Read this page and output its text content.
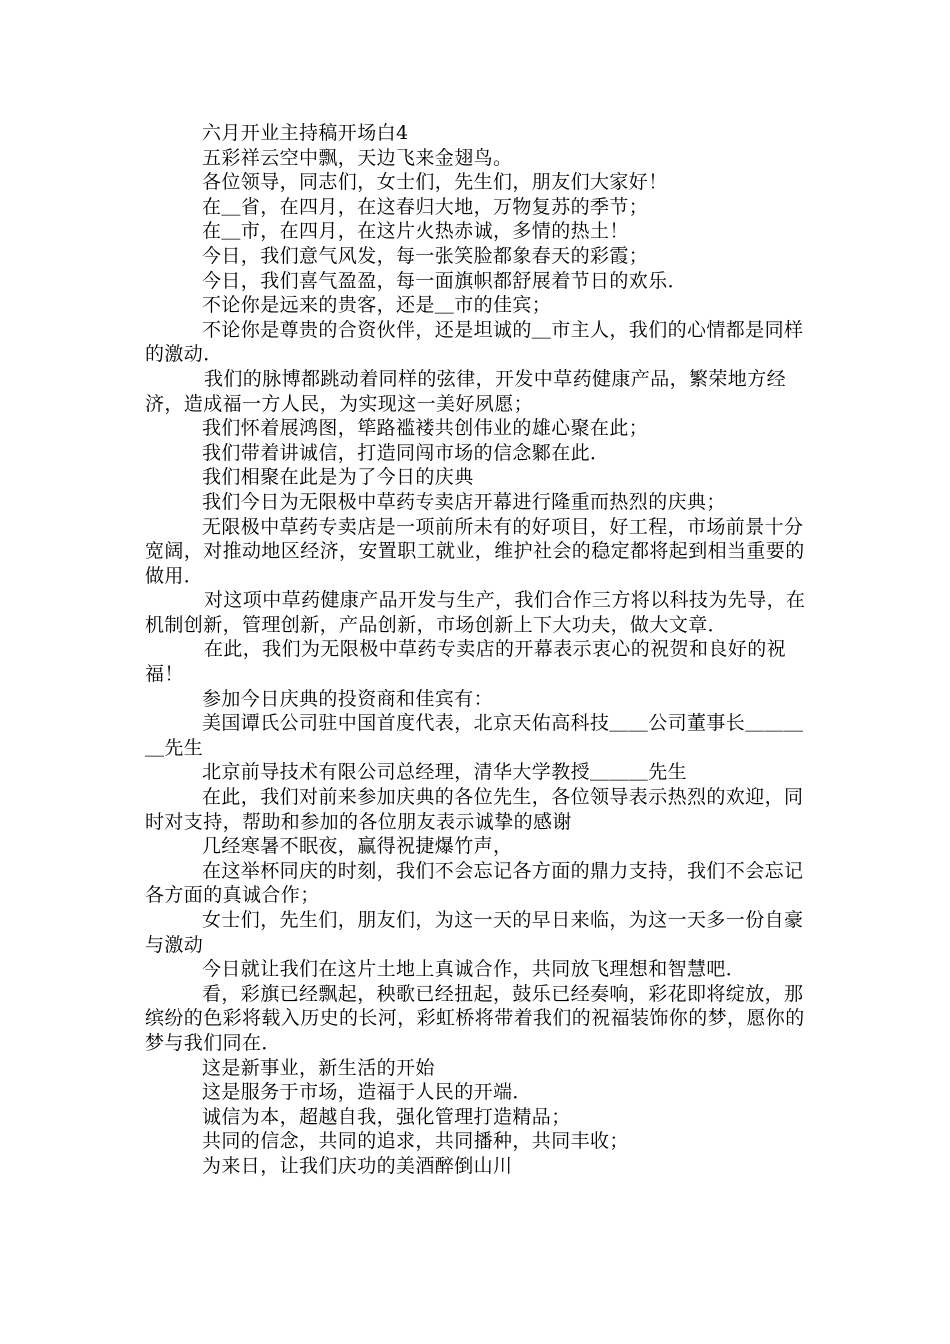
六月开业主持稿开场白4

五彩祥云空中飘，天边飞来金翅鸟。

各位领导，同志们，女士们，先生们，朋友们大家好！

在＿省，在四月，在这春归大地，万物复苏的季节；

在＿市，在四月，在这片火热赤诚，多情的热土！

今日，我们意气风发，每一张笑脸都象春天的彩霞；

今日，我们喜气盈盈，每一面旗帜都舒展着节日的欢乐．

不论你是远来的贵客，还是＿市的佳宾；

不论你是尊贵的合资伙伴，还是坦诚的＿市主人，我们的心情都是同样的激动．

我们的脉博都跳动着同样的弦律，开发中草药健康产品，繁荣地方经济，造成福一方人民，为实现这一美好夙愿；

我们怀着展鸿图，筚路褴褛共创伟业的雄心聚在此；

我们带着讲诚信，打造同闯市场的信念鄹在此．

我们相聚在此是为了今日的庆典

我们今日为无限极中草药专卖店开幕进行隆重而热烈的庆典；

无限极中草药专卖店是一项前所未有的好项目，好工程，市场前景十分宽阔，对推动地区经济，安置职工就业，维护社会的稳定都将起到相当重要的做用．

对这项中草药健康产品开发与生产，我们合作三方将以科技为先导，在机制创新，管理创新，产品创新，市场创新上下大功夫，做大文章．

在此，我们为无限极中草药专卖店的开幕表示衷心的祝贺和良好的祝福！

参加今日庆典的投资商和佳宾有：

美国谭氏公司驻中国首度代表，北京天佑高科技＿＿公司董事长＿＿＿＿先生

北京前导技术有限公司总经理，清华大学教授＿＿＿先生

在此，我们对前来参加庆典的各位先生，各位领导表示热烈的欢迎，同时对支持，帮助和参加的各位朋友表示诚挚的感谢

几经寒暑不眠夜，赢得祝捷爆竹声，

在这举杯同庆的时刻，我们不会忘记各方面的鼎力支持，我们不会忘记各方面的真诚合作；

女士们，先生们，朋友们，为这一天的早日来临，为这一天多一份自豪与激动

今日就让我们在这片土地上真诚合作，共同放飞理想和智慧吧．

看，彩旗已经飘起，秧歌已经扭起，鼓乐已经奏响，彩花即将绽放，那缤纷的色彩将载入历史的长河，彩虹桥将带着我们的祝福装饰你的梦，愿你的梦与我们同在．

这是新事业，新生活的开始

这是服务于市场，造福于人民的开端．

诚信为本，超越自我，强化管理打造精品；

共同的信念，共同的追求，共同播种，共同丰收；

为来日，让我们庆功的美酒醉倒山川
